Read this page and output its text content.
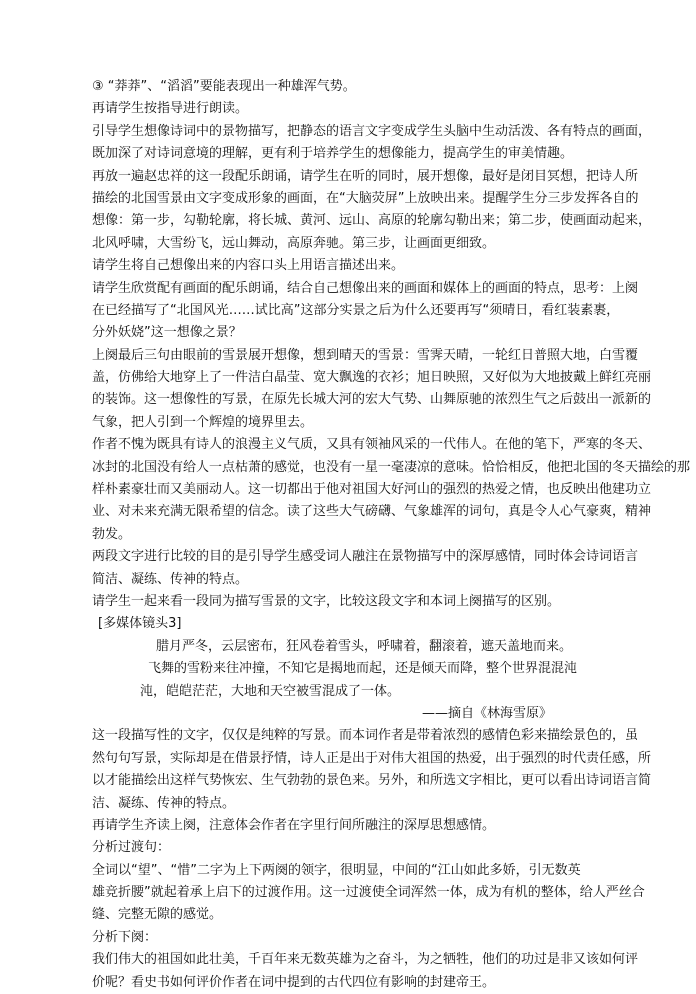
③ “莽莽”、“滔滔”要能表现出一种雄浑气势。
再请学生按指导进行朗读。
引导学生想像诗词中的景物描写，把静态的语言文字变成学生头脑中生动活泼、各有特点的画面，
既加深了对诗词意境的理解，更有利于培养学生的想像能力，提高学生的审美情趣。
再放一遍赵忠祥的这一段配乐朗诵，请学生在听的同时，展开想像，最好是闭目冥想，把诗人所
描绘的北国雪景由文字变成形象的画面，在“大脑荧屏”上放映出来。提醒学生分三步发挥各自的
想像：第一步，勾勒轮廓，将长城、黄河、远山、高原的轮廓勾勒出来；第二步，使画面动起来，
北风呼啸，大雪纷飞，远山舞动，高原奔驰。第三步，让画面更细致。
请学生将自己想像出来的内容口头上用语言描述出来。
请学生欣赏配有画面的配乐朗诵，结合自己想像出来的画面和媒体上的画面的特点，思考：上阕
在已经描写了“北国风光……试比高”这部分实景之后为什么还要再写“须晴日，看红装素裹，
分外妖娆”这一想像之景？
上阕最后三句由眼前的雪景展开想像，想到晴天的雪景：雪霁天晴，一轮红日普照大地，白雪覆
盖，仿佛给大地穿上了一件洁白晶莹、宽大飘逸的衣衫；旭日映照，又好似为大地披戴上鲜红亮丽
的装饰。这一想像性的写景，在原先长城大河的宏大气势、山舞原驰的浓烈生气之后鼓出一派新的
气象，把人引到一个辉煌的境界里去。
作者不愧为既具有诗人的浪漫主义气质，又具有领袖风采的一代伟人。在他的笔下，严寒的冬天、
冰封的北国没有给人一点枯萧的感觉，也没有一星一毫凄凉的意味。恰恰相反，他把北国的冬天描绘的那
样朴素豪壮而又美丽动人。这一切都出于他对祖国大好河山的强烈的热爱之情，也反映出他建功立
业、对未来充满无限希望的信念。读了这些大气磅礴、气象雄浑的词句，真是令人心气豪爽，精神
勃发。
两段文字进行比较的目的是引导学生感受词人融注在景物描写中的深厚感情，同时体会诗词语言
简洁、凝练、传神的特点。
请学生一起来看一段同为描写雪景的文字，比较这段文字和本词上阕描写的区别。
[多媒体镜头3]
腊月严冬，云层密布，狂风卷着雪头，呼啸着，翻滚着，遮天盖地而来。
飞舞的雪粉来往冲撞，不知它是揭地而起，还是倾天而降，整个世界混混沌
沌，皑皑茫茫，大地和天空被雪混成了一体。
——摘自《林海雪原》
这一段描写性的文字，仅仅是纯粹的写景。而本词作者是带着浓烈的感情色彩来描绘景色的，虽
然句句写景，实际却是在借景抒情，诗人正是出于对伟大祖国的热爱，出于强烈的时代责任感，所
以才能描绘出这样气势恢宏、生气勃勃的景色来。另外，和所选文字相比，更可以看出诗词语言简
洁、凝练、传神的特点。
再请学生齐读上阕，注意体会作者在字里行间所融注的深厚思想感情。
分析过渡句：
全词以“望”、“惜”二字为上下两阕的领字，很明显，中间的“江山如此多娇，引无数英
雄竞折腰”就起着承上启下的过渡作用。这一过渡使全词浑然一体，成为有机的整体，给人严丝合
缝、完整无隙的感觉。
分析下阕：
我们伟大的祖国如此壮美，千百年来无数英雄为之奋斗，为之牺牲，他们的功过是非又该如何评
价呢？看史书如何评价作者在词中提到的古代四位有影响的封建帝王。
